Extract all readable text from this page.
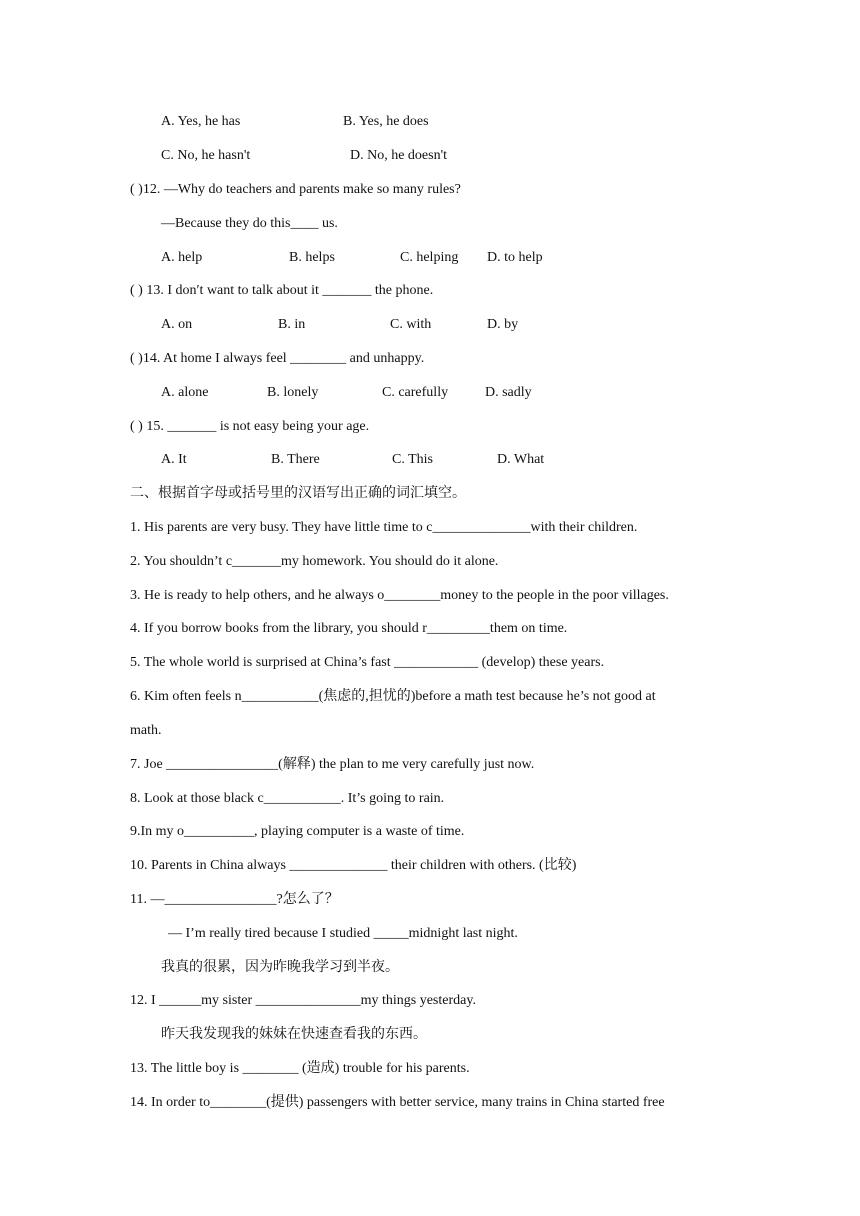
A. Yes, he has	B. Yes, he does
C. No, he hasn't	D. No, he doesn't
( )12. —Why do teachers and parents make so many rules?
—Because they do this____ us.
A. help	B. helps	C. helping D. to help
( ) 13. I don′t want to talk about it _______ the phone.
A. on	B. in	C. with	D. by
( )14. At home I always feel ________ and unhappy.
A. alone	B. lonely	C. carefully	D. sadly
( ) 15. _______ is not easy being your age.
A. It	B. There	C. This	D. What
二、根据首字母或括号里的汉语写出正确的词汇填空。
1. His parents are very busy. They have little time to c______________with their children.
2. You shouldn’t c_______my homework. You should do it alone.
3. He is ready to help others, and he always o________money to the people in the poor villages.
4. If you borrow books from the library, you should r_________them on time.
5. The whole world is surprised at China’s fast ____________ (develop) these years.
6. Kim often feels n___________(焦虑的,担忧的)before a math test because he’s not good at
math.
7. Joe ________________(解释) the plan to me very carefully just now.
8. Look at those black c___________. It’s going to rain.
9.In my o__________, playing computer is a waste of time.
10. Parents in China always ______________ their children with others. (比较)
11. —________________?怎么了？
— I’m really tired because I studied _____midnight last night.
我真的很累，因为昨晚我学习到半夜。
12. I ______my sister _______________my things yesterday.
昨天我发现我的妹妹在快速查看我的东西。
13. The little boy is ________ (造成) trouble for his parents.
14. In order to________(提供) passengers with better service, many trains in China started free
